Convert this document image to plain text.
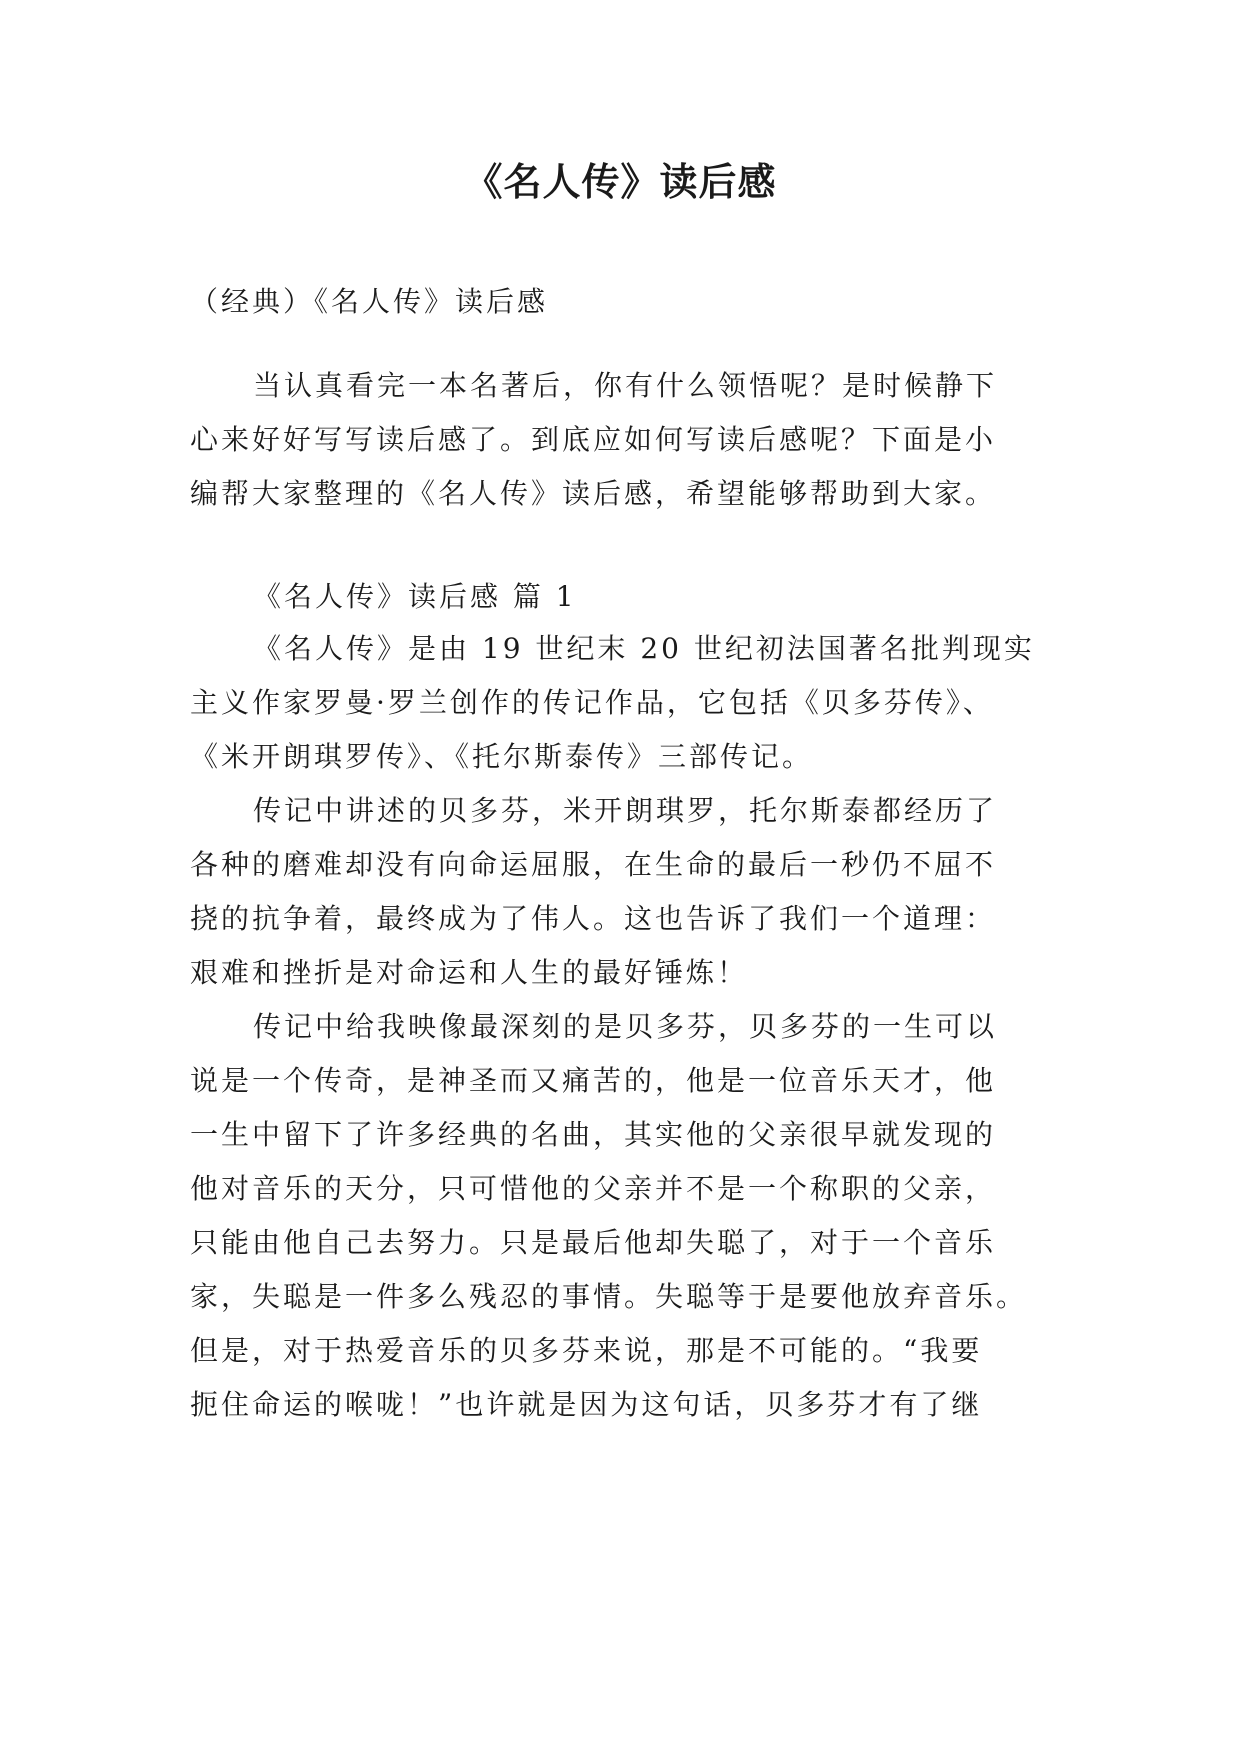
《名人传》读后感
（经典）《名人传》读后感
当认真看完一本名著后，你有什么领悟呢？是时候静下
心来好好写写读后感了。到底应如何写读后感呢？下面是小
编帮大家整理的《名人传》读后感，希望能够帮助到大家。
《名人传》读后感 篇 1
《名人传》是由 19 世纪末 20 世纪初法国著名批判现实
主义作家罗曼·罗兰创作的传记作品，它包括《贝多芬传》、
《米开朗琪罗传》、《托尔斯泰传》三部传记。
传记中讲述的贝多芬，米开朗琪罗，托尔斯泰都经历了
各种的磨难却没有向命运屈服，在生命的最后一秒仍不屈不
挠的抗争着，最终成为了伟人。这也告诉了我们一个道理：
艰难和挫折是对命运和人生的最好锤炼！
传记中给我映像最深刻的是贝多芬，贝多芬的一生可以
说是一个传奇，是神圣而又痛苦的，他是一位音乐天才，他
一生中留下了许多经典的名曲，其实他的父亲很早就发现的
他对音乐的天分，只可惜他的父亲并不是一个称职的父亲，
只能由他自己去努力。只是最后他却失聪了，对于一个音乐
家，失聪是一件多么残忍的事情。失聪等于是要他放弃音乐。
但是，对于热爱音乐的贝多芬来说，那是不可能的。“我要
扼住命运的喉咙！”也许就是因为这句话，贝多芬才有了继
